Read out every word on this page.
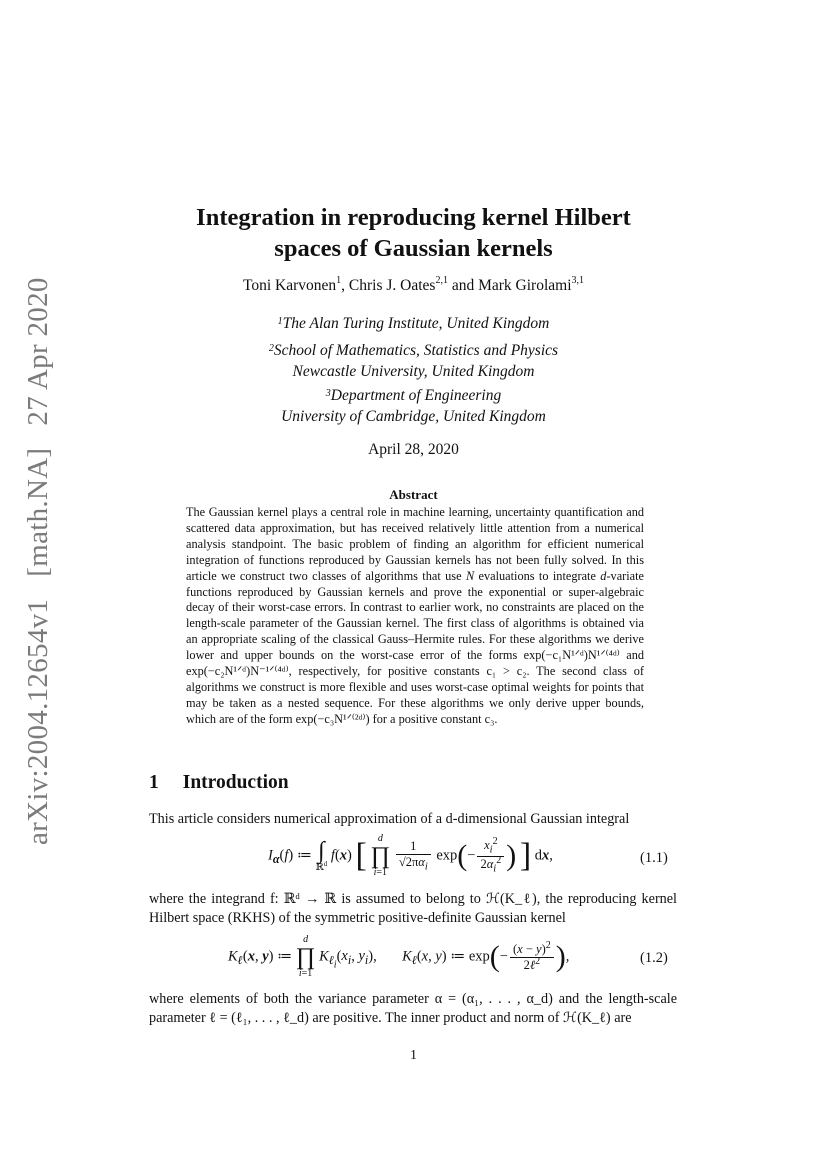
arXiv:2004.12654v1[math.NA]27 Apr 2020
Integration in reproducing kernel Hilbert
spaces of Gaussian kernels
Toni Karvonen$^1$, Chris J. Oates$^{2,1}$ and Mark Girolami$^{3,1}$
$^1$The Alan Turing Institute, United Kingdom
$^2$School of Mathematics, Statistics and Physics
Newcastle University, United Kingdom
$^3$Department of Engineering
University of Cambridge, United Kingdom
April 28, 2020
Abstract
The Gaussian kernel plays a central role in machine learning, uncertainty quantification and scattered data approximation, but has received relatively little attention from a numerical analysis standpoint. The basic problem of finding an algorithm for efficient numerical integration of functions reproduced by Gaussian kernels has not been fully solved. In this article we construct two classes of algorithms that use N evaluations to integrate d-variate functions reproduced by Gaussian kernels and prove the exponential or super-algebraic decay of their worst-case errors. In contrast to earlier work, no constraints are placed on the length-scale parameter of the Gaussian kernel. The first class of algorithms is obtained via an appropriate scaling of the classical Gauss–Hermite rules. For these algorithms we derive lower and upper bounds on the worst-case error of the forms exp(−c₁N¹ᐟᵈ)N¹ᐟ⁽⁴ᵈ⁾ and exp(−c₂N¹ᐟᵈ)N⁻¹ᐟ⁽⁴ᵈ⁾, respectively, for positive constants c₁ > c₂. The second class of algorithms we construct is more flexible and uses worst-case optimal weights for points that may be taken as a nested sequence. For these algorithms we only derive upper bounds, which are of the form exp(−c₃N¹ᐟ⁽²ᵈ⁾) for a positive constant c₃.
1 Introduction
This article considers numerical approximation of a d-dimensional Gaussian integral
$I_\alpha(f)$ ≔ ∫
ℝ$^d$
f(x) [	d
∏
i=1
$\frac{1}{√2\pi\alpha_i} \exp(- \frac{x_i^2}{2\alpha_i^2}$ ) ] dx,	(1.1)
where the integrand f: ℝᵈ → ℝ is assumed to belong to ℋ(K_ℓ), the reproducing kernel Hilbert space (RKHS) of the symmetric positive-definite Gaussian kernel
$K_\ell(x$, y) ≔
d
∏
i=1
$K_{\ell_i}(x_i$, $y_i$),       $K_\ell(x$, y) ≔ $\exp(- \frac{(x - y)^2}{2\ell^2}$ ),	(1.2)
where elements of both the variance parameter α = (α₁, . . . , α_d) and the length-scale parameter ℓ = (ℓ₁, . . . , ℓ_d) are positive. The inner product and norm of ℋ(K_ℓ) are
1
